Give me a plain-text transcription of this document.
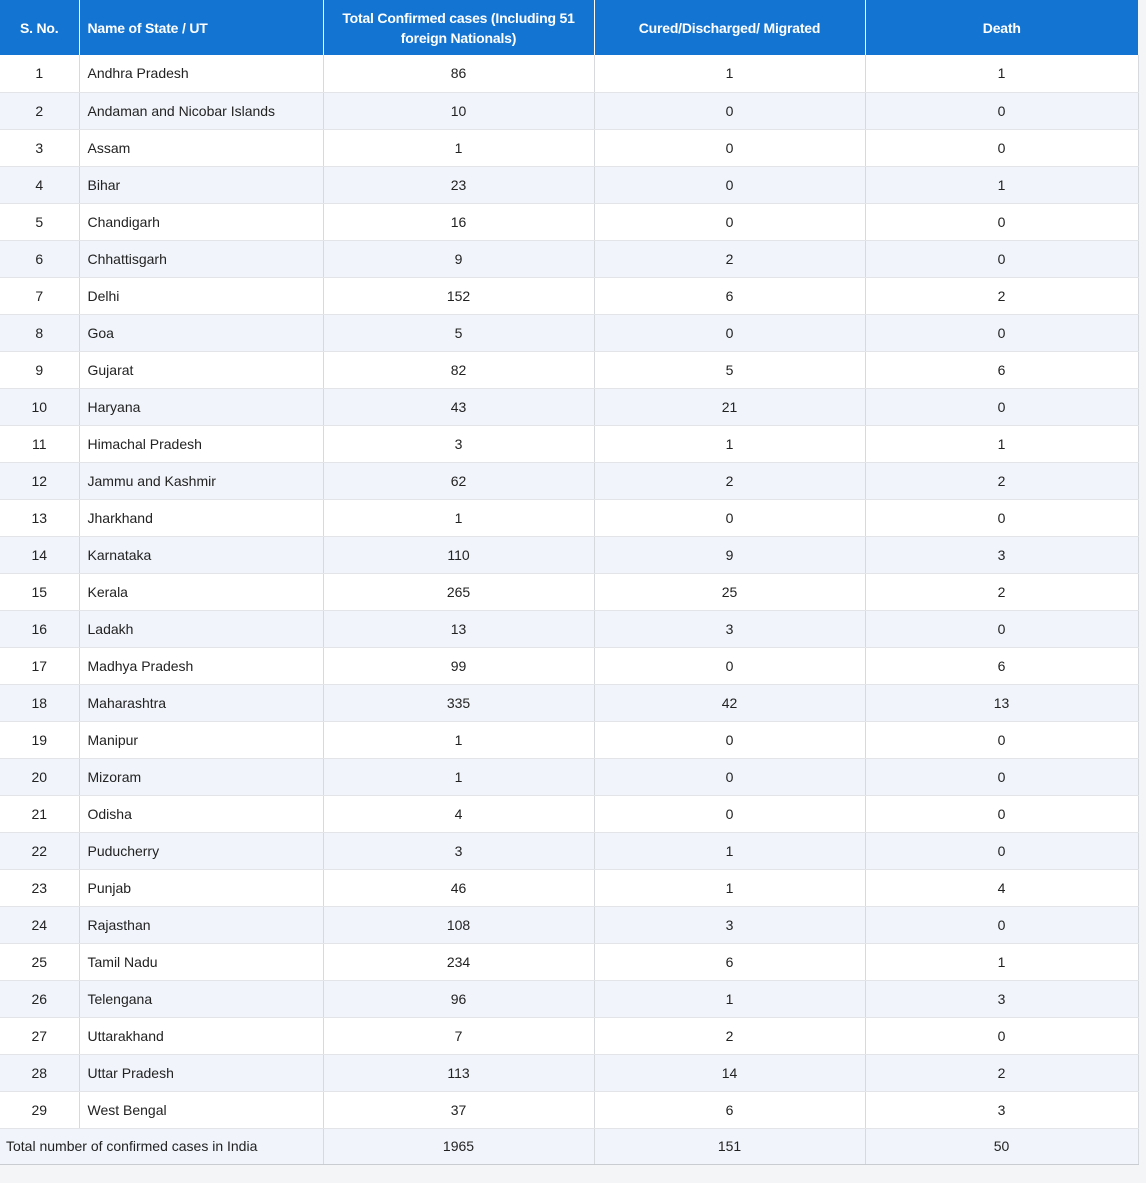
S. No.	Name of State / UT	Total Confirmed cases (Including 51 foreign Nationals)	Cured/Discharged/ Migrated	Death
1	Andhra Pradesh	86	1	1
2	Andaman and Nicobar Islands	10	0	0
3	Assam	1	0	0
4	Bihar	23	0	1
5	Chandigarh	16	0	0
6	Chhattisgarh	9	2	0
7	Delhi	152	6	2
8	Goa	5	0	0
9	Gujarat	82	5	6
10	Haryana	43	21	0
11	Himachal Pradesh	3	1	1
12	Jammu and Kashmir	62	2	2
13	Jharkhand	1	0	0
14	Karnataka	110	9	3
15	Kerala	265	25	2
16	Ladakh	13	3	0
17	Madhya Pradesh	99	0	6
18	Maharashtra	335	42	13
19	Manipur	1	0	0
20	Mizoram	1	0	0
21	Odisha	4	0	0
22	Puducherry	3	1	0
23	Punjab	46	1	4
24	Rajasthan	108	3	0
25	Tamil Nadu	234	6	1
26	Telengana	96	1	3
27	Uttarakhand	7	2	0
28	Uttar Pradesh	113	14	2
29	West Bengal	37	6	3
Total number of confirmed cases in India		1965	151	50
